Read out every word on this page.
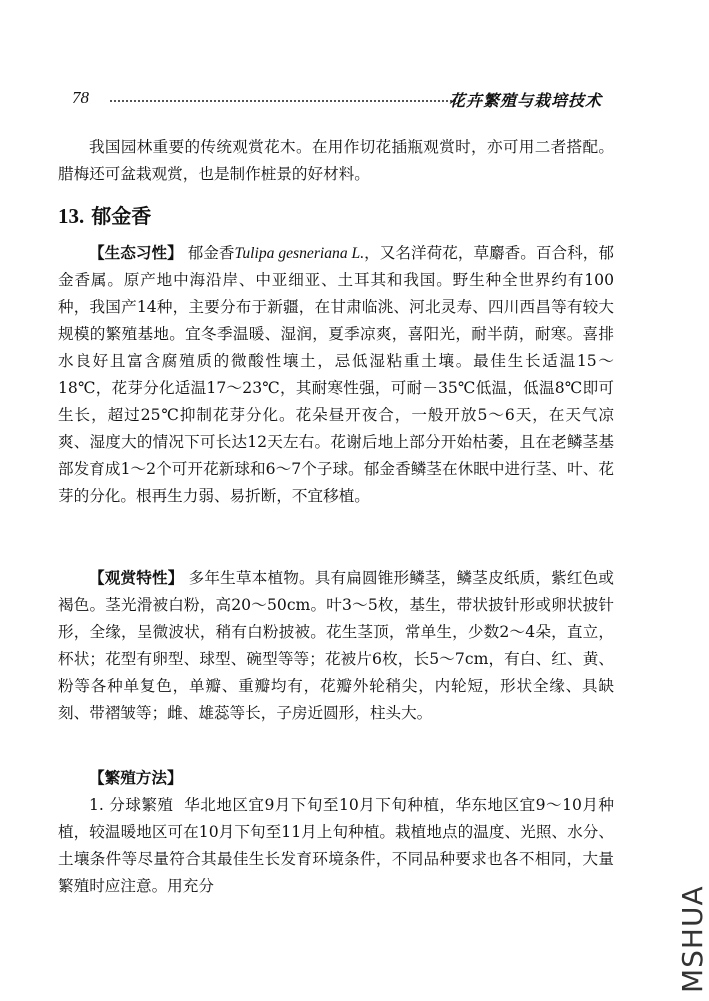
78	花卉繁殖与栽培技术

我国园林重要的传统观赏花木。在用作切花插瓶观赏时，亦可用二者搭配。腊梅还可盆栽观赏，也是制作桩景的好材料。

13. 郁金香

【生态习性】 郁金香Tulipa gesneriana L.，又名洋荷花，草麝香。百合科，郁金香属。原产地中海沿岸、中亚细亚、土耳其和我国。野生种全世界约有100种，我国产14种，主要分布于新疆，在甘肃临洮、河北灵寿、四川西昌等有较大规模的繁殖基地。宜冬季温暖、湿润，夏季凉爽，喜阳光，耐半荫，耐寒。喜排水良好且富含腐殖质的微酸性壤土，忌低湿粘重土壤。最佳生长适温15～18℃，花芽分化适温17～23℃，其耐寒性强，可耐－35℃低温，低温8℃即可生长，超过25℃抑制花芽分化。花朵昼开夜合，一般开放5～6天，在天气凉爽、湿度大的情况下可长达12天左右。花谢后地上部分开始枯萎，且在老鳞茎基部发育成1～2个可开花新球和6～7个子球。郁金香鳞茎在休眠中进行茎、叶、花芽的分化。根再生力弱、易折断，不宜移植。

【观赏特性】 多年生草本植物。具有扁圆锥形鳞茎，鳞茎皮纸质，紫红色或褐色。茎光滑被白粉，高20～50cm。叶3～5枚，基生，带状披针形或卵状披针形，全缘，呈微波状，稍有白粉披被。花生茎顶，常单生，少数2～4朵，直立，杯状；花型有卵型、球型、碗型等等；花被片6枚，长5～7cm，有白、红、黄、粉等各种单复色，单瓣、重瓣均有，花瓣外轮稍尖，内轮短，形状全缘、具缺刻、带褶皱等；雌、雄蕊等长，子房近圆形，柱头大。

【繁殖方法】

1. 分球繁殖 华北地区宜9月下旬至10月下旬种植，华东地区宜9～10月种植，较温暖地区可在10月下旬至11月上旬种植。栽植地点的温度、光照、水分、土壤条件等尽量符合其最佳生长发育环境条件，不同品种要求也各不相同，大量繁殖时应注意。用充分	MSHUA
